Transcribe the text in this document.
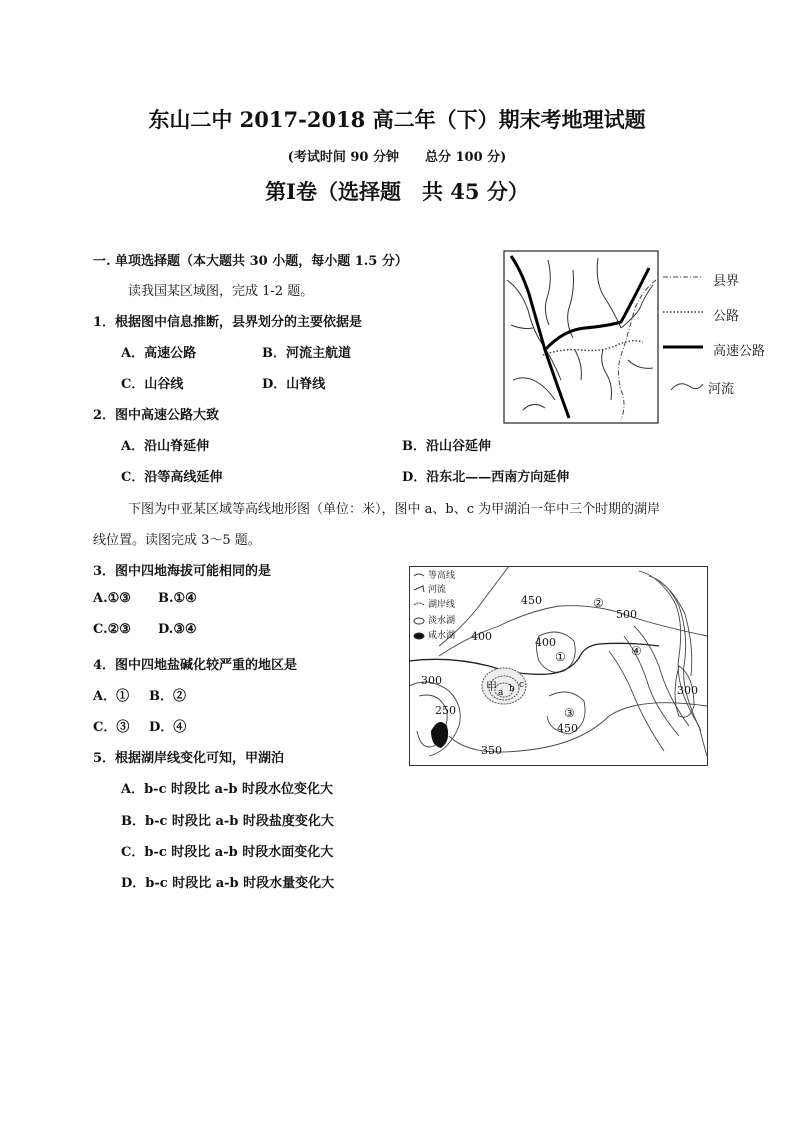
东山二中 2017-2018 高二年（下）期末考地理试题
(考试时间 90 分钟 总分 100 分)
第Ⅰ卷（选择题　共 45 分）
一. 单项选择题（本大题共 30 小题，每小题 1.5 分）
读我国某区域图，完成 1-2 题。
1．根据图中信息推断，县界划分的主要依据是
A．高速公路	B．河流主航道
C．山谷线	D．山脊线
2．图中高速公路大致
A．沿山脊延伸	B．沿山谷延伸
C．沿等高线延伸	D．沿东北——西南方向延伸
下图为中亚某区域等高线地形图（单位：米），图中 a、b、c 为甲湖泊一年中三个时期的湖岸
线位置。读图完成 3～5 题。
3．图中四地海拔可能相同的是
A.①③ B.①④
C.②③ D.③④
4．图中四地盐碱化较严重的地区是
A．① B．②
C．③ D．④
5．根据湖岸线变化可知，甲湖泊
A．b-c 时段比 a-b 时段水位变化大
B．b-c 时段比 a-b 时段盐度变化大
C．b-c 时段比 a-b 时段水面变化大
D．b-c 时段比 a-b 时段水量变化大
县界
公路
高速公路
河流
等高线
河流
湖岸线
淡水湖
咸水湖
450
400	400
300
250
350
450
300
500
①
②
③
④
甲 a b c
